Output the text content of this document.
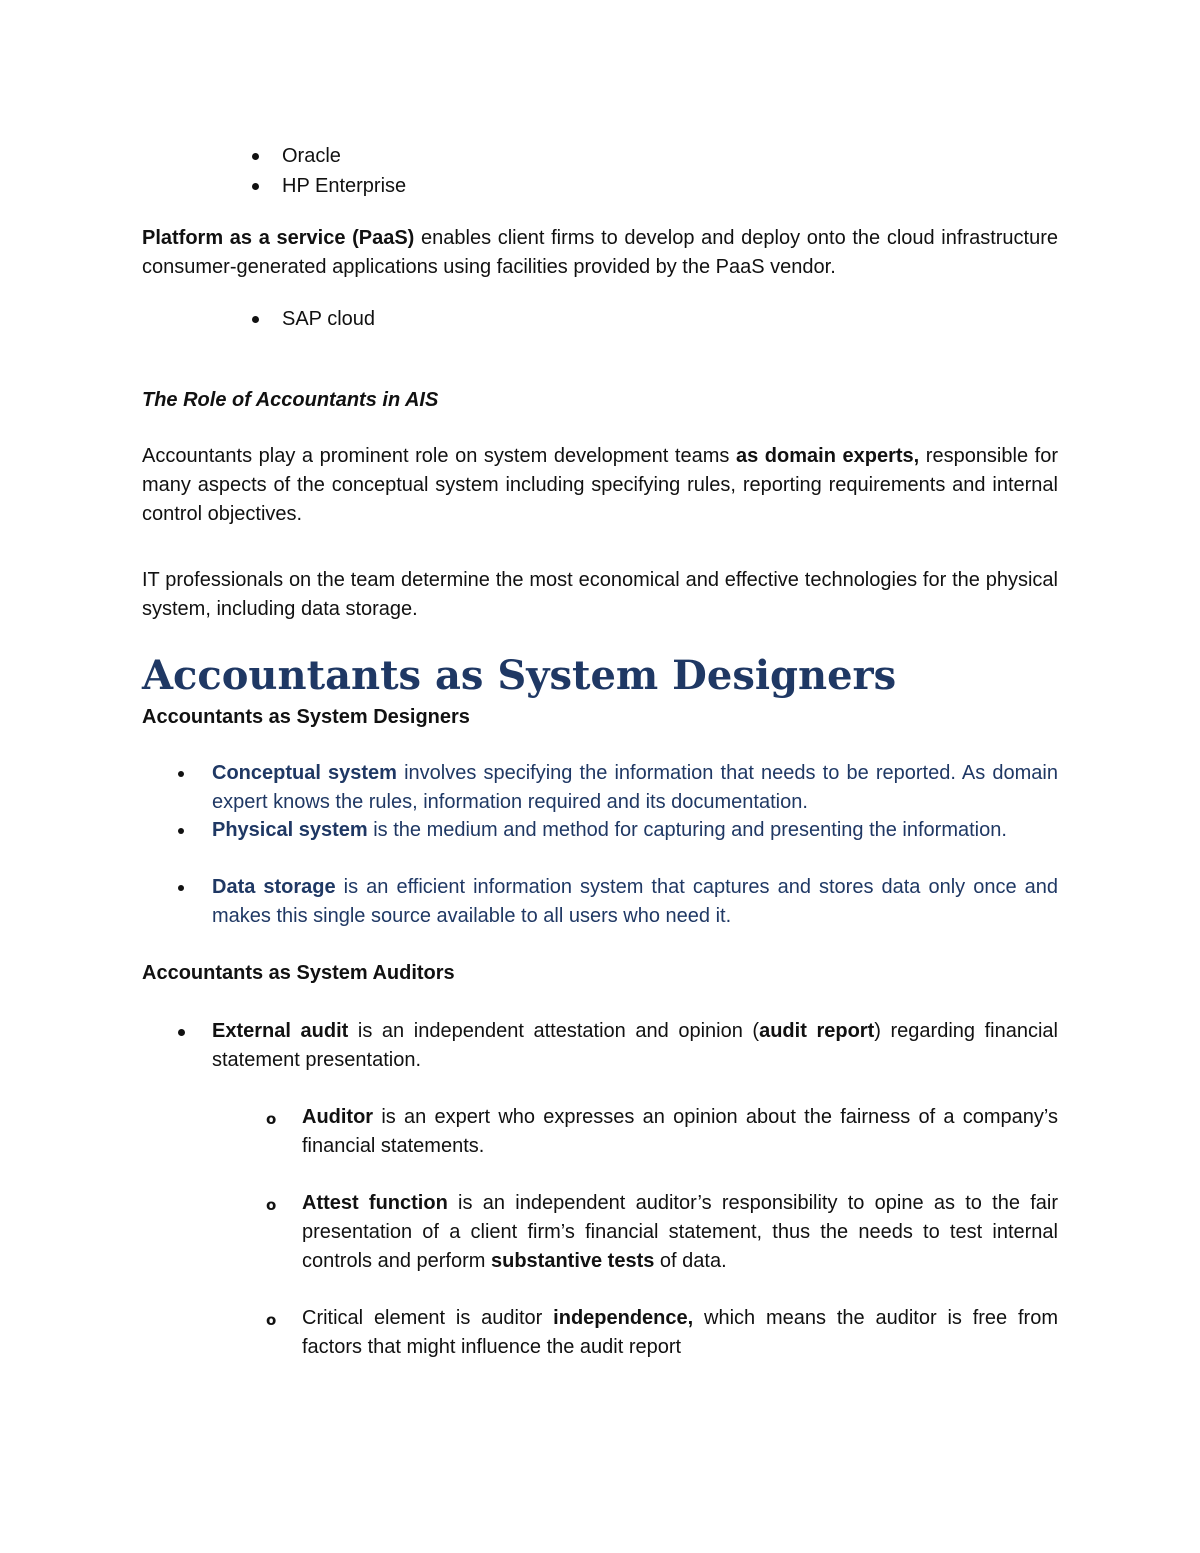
Oracle
HP Enterprise
Platform as a service (PaaS) enables client firms to develop and deploy onto the cloud infrastructure consumer-generated applications using facilities provided by the PaaS vendor.
SAP cloud
The Role of Accountants in AIS
Accountants play a prominent role on system development teams as domain experts, responsible for many aspects of the conceptual system including specifying rules, reporting requirements and internal control objectives.
IT professionals on the team determine the most economical and effective technologies for the physical system, including data storage.
Accountants as System Designers
Accountants as System Designers
Conceptual system involves specifying the information that needs to be reported. As domain expert knows the rules, information required and its documentation.
Physical system is the medium and method for capturing and presenting the information.
Data storage is an efficient information system that captures and stores data only once and makes this single source available to all users who need it.
Accountants as System Auditors
External audit is an independent attestation and opinion (audit report) regarding financial statement presentation.
o Auditor is an expert who expresses an opinion about the fairness of a company’s financial statements.
o Attest function is an independent auditor’s responsibility to opine as to the fair presentation of a client firm’s financial statement, thus the needs to test internal controls and perform substantive tests of data.
o Critical element is auditor independence, which means the auditor is free from factors that might influence the audit report
